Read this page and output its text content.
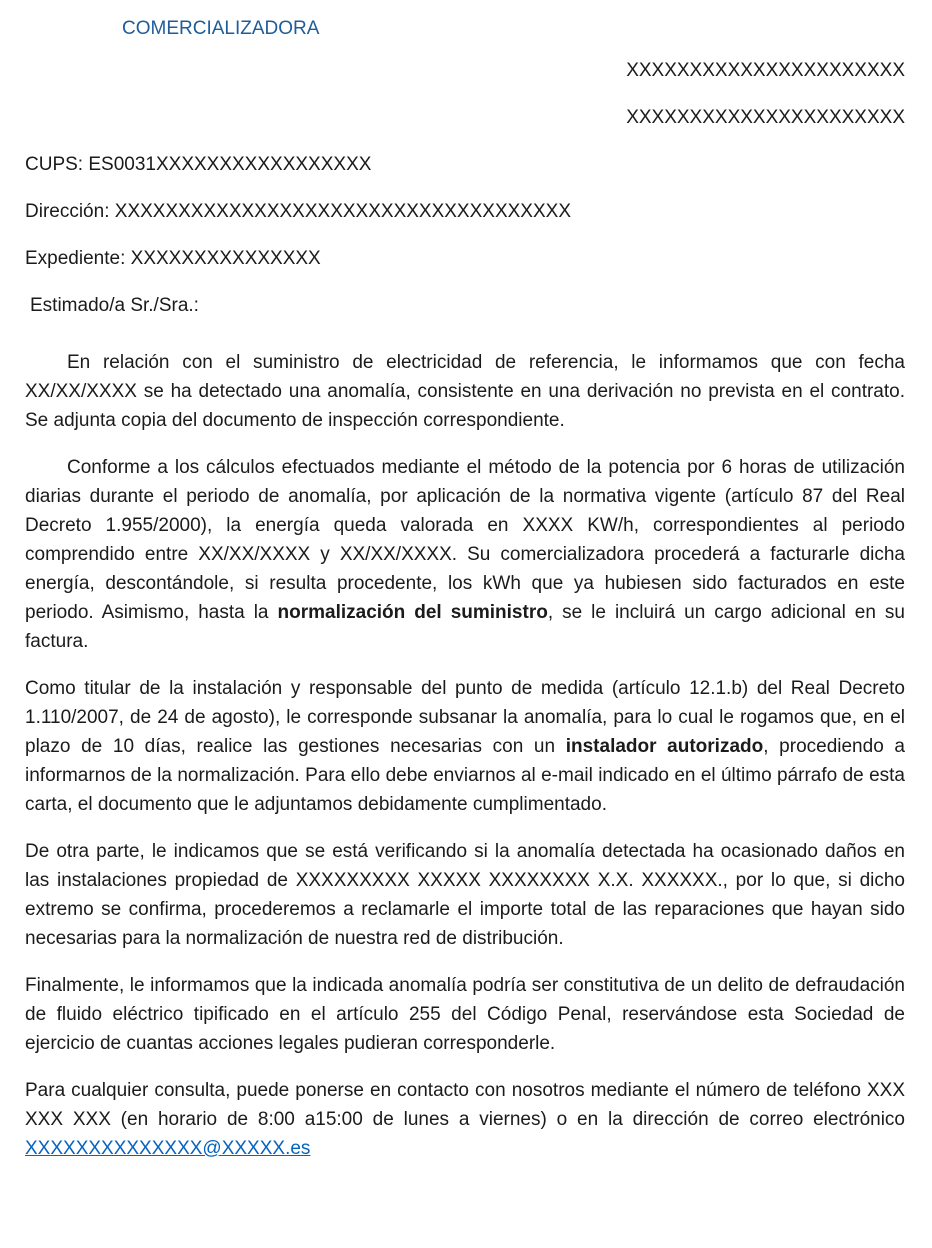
COMERCIALIZADORA
XXXXXXXXXXXXXXXXXXXXXX
XXXXXXXXXXXXXXXXXXXXXX
CUPS: ES0031XXXXXXXXXXXXXXXXX
Dirección: XXXXXXXXXXXXXXXXXXXXXXXXXXXXXXXXXXXX
Expediente: XXXXXXXXXXXXXXX
Estimado/a Sr./Sra.:

En relación con el suministro de electricidad de referencia, le informamos que con fecha XX/XX/XXXX se ha detectado una anomalía, consistente en una derivación no prevista en el contrato. Se adjunta copia del documento de inspección correspondiente.

Conforme a los cálculos efectuados mediante el método de la potencia por 6 horas de utilización diarias durante el periodo de anomalía, por aplicación de la normativa vigente (artículo 87 del Real Decreto 1.955/2000), la energía queda valorada en XXXX KW/h, correspondientes al periodo comprendido entre XX/XX/XXXX y XX/XX/XXXX. Su comercializadora procederá a facturarle dicha energía, descontándole, si resulta procedente, los kWh que ya hubiesen sido facturados en este periodo. Asimismo, hasta la normalización del suministro, se le incluirá un cargo adicional en su factura.

Como titular de la instalación y responsable del punto de medida (artículo 12.1.b) del Real Decreto 1.110/2007, de 24 de agosto), le corresponde subsanar la anomalía, para lo cual le rogamos que, en el plazo de 10 días, realice las gestiones necesarias con un instalador autorizado, procediendo a informarnos de la normalización. Para ello debe enviarnos al e-mail indicado en el último párrafo de esta carta, el documento que le adjuntamos debidamente cumplimentado.

De otra parte, le indicamos que se está verificando si la anomalía detectada ha ocasionado daños en las instalaciones propiedad de XXXXXXXXX XXXXX XXXXXXXX X.X. XXXXXX., por lo que, si dicho extremo se confirma, procederemos a reclamarle el importe total de las reparaciones que hayan sido necesarias para la normalización de nuestra red de distribución.

Finalmente, le informamos que la indicada anomalía podría ser constitutiva de un delito de defraudación de fluido eléctrico tipificado en el artículo 255 del Código Penal, reservándose esta Sociedad de ejercicio de cuantas acciones legales pudieran corresponderle.

Para cualquier consulta, puede ponerse en contacto con nosotros mediante el número de teléfono XXX XXX XXX (en horario de 8:00 a15:00 de lunes a viernes) o en la dirección de correo electrónico XXXXXXXXXXXXXX@XXXXX.es
